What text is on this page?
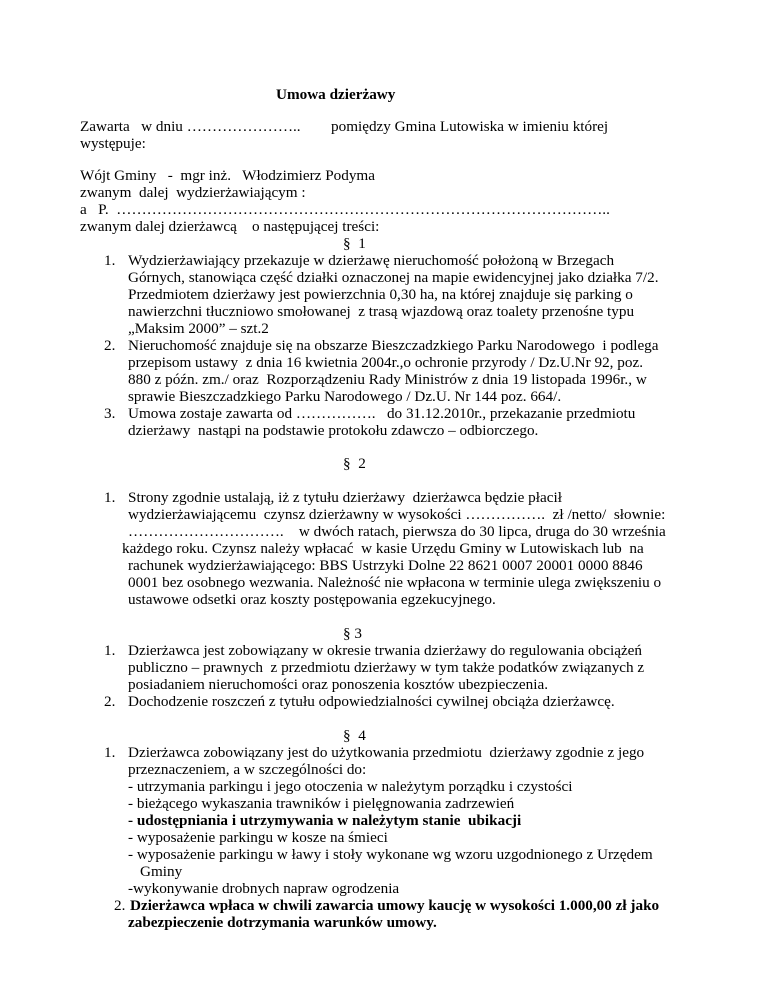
Umowa dzierżawy
Zawarta   w dniu ………………….. pomiędzy Gmina Lutowiska w imieniu której
występuje:
Wójt Gminy   -  mgr inż.   Włodzimierz Podyma
zwanym  dalej  wydzierżawiającym :
a   P.  ……………………………………………………………………………………..
zwanym dalej dzierżawcą    o następującej treści:
§  1
1. Wydzierżawiający przekazuje w dzierżawę nieruchomość położoną w Brzegach
Górnych, stanowiąca część działki oznaczonej na mapie ewidencyjnej jako działka 7/2.
Przedmiotem dzierżawy jest powierzchnia 0,30 ha, na której znajduje się parking o
nawierzchni tłuczniowo smołowanej  z trasą wjazdową oraz toalety przenośne typu
„Maksim 2000” – szt.2
2. Nieruchomość znajduje się na obszarze Bieszczadzkiego Parku Narodowego  i podlega
przepisom ustawy  z dnia 16 kwietnia 2004r.,o ochronie przyrody / Dz.U.Nr 92, poz.
880 z późn. zm./ oraz  Rozporządzeniu Rady Ministrów z dnia 19 listopada 1996r., w
sprawie Bieszczadzkiego Parku Narodowego / Dz.U. Nr 144 poz. 664/.
3. Umowa zostaje zawarta od …………….   do 31.12.2010r., przekazanie przedmiotu
dzierżawy  nastąpi na podstawie protokołu zdawczo – odbiorczego.
§  2
1. Strony zgodnie ustalają, iż z tytułu dzierżawy  dzierżawca będzie płacił
wydzierżawiającemu  czynsz dzierżawny w wysokości …………….  zł /netto/  słownie:
………………………….    w dwóch ratach, pierwsza do 30 lipca, druga do 30 września
każdego roku. Czynsz należy wpłacać  w kasie Urzędu Gminy w Lutowiskach lub  na
rachunek wydzierżawiającego: BBS Ustrzyki Dolne 22 8621 0007 20001 0000 8846
0001 bez osobnego wezwania. Należność nie wpłacona w terminie ulega zwiększeniu o
ustawowe odsetki oraz koszty postępowania egzekucyjnego.
§ 3
1. Dzierżawca jest zobowiązany w okresie trwania dzierżawy do regulowania obciążeń
publiczno – prawnych  z przedmiotu dzierżawy w tym także podatków związanych z
posiadaniem nieruchomości oraz ponoszenia kosztów ubezpieczenia.
2. Dochodzenie roszczeń z tytułu odpowiedzialności cywilnej obciąża dzierżawcę.
§  4
1. Dzierżawca zobowiązany jest do użytkowania przedmiotu  dzierżawy zgodnie z jego
przeznaczeniem, a w szczególności do:
- utrzymania parkingu i jego otoczenia w należytym porządku i czystości
- bieżącego wykaszania trawników i pielęgnowania zadrzewień
- udostępniania i utrzymywania w należytym stanie  ubikacji
- wyposażenie parkingu w kosze na śmieci
- wyposażenie parkingu w ławy i stoły wykonane wg wzoru uzgodnionego z Urzędem
Gminy
-wykonywanie drobnych napraw ogrodzenia
2. Dzierżawca wpłaca w chwili zawarcia umowy kaucję w wysokości 1.000,00 zł jako
zabezpieczenie dotrzymania warunków umowy.
